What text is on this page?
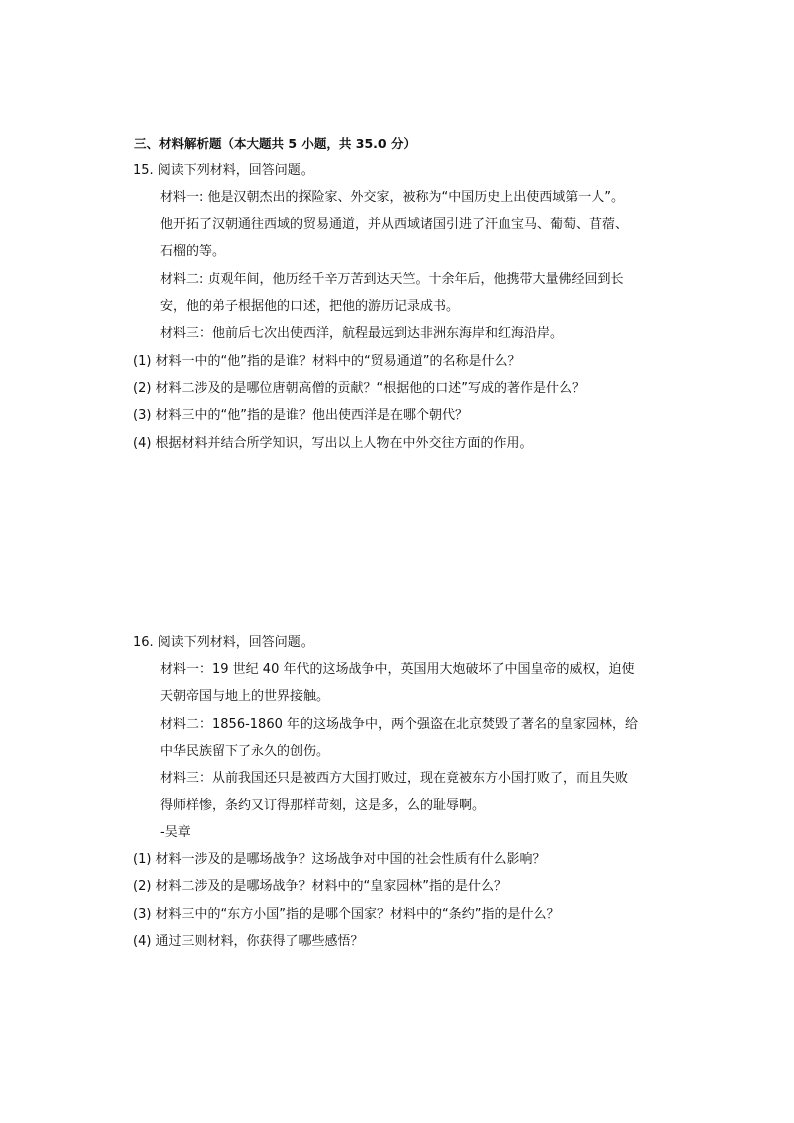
三、材料解析题（本大题共 5 小题，共 35.0 分）
15. 阅读下列材料，回答问题。
材料一: 他是汉朝杰出的探险家、外交家，被称为“中国历史上出使西域第一人”。
他开拓了汉朝通往西域的贸易通道，并从西域诸国引进了汗血宝马、葡萄、苜蓿、
石榴的等。
材料二: 贞观年间，他历经千辛万苦到达天竺。十余年后，他携带大量佛经回到长
安，他的弟子根据他的口述，把他的游历记录成书。
材料三：他前后七次出使西洋，航程最远到达非洲东海岸和红海沿岸。
(1) 材料一中的“他”指的是谁？材料中的“贸易通道”的名称是什么？
(2) 材料二涉及的是哪位唐朝高僧的贡献？“根据他的口述”写成的著作是什么？
(3) 材料三中的“他”指的是谁？他出使西洋是在哪个朝代？
(4) 根据材料并结合所学知识，写出以上人物在中外交往方面的作用。
16. 阅读下列材料，回答问题。
材料一：19 世纪 40 年代的这场战争中，英国用大炮破坏了中国皇帝的威权，迫使
天朝帝国与地上的世界接触。
材料二：1856-1860 年的这场战争中，两个强盗在北京焚毁了著名的皇家园林，给
中华民族留下了永久的创伤。
材料三：从前我国还只是被西方大国打败过，现在竟被东方小国打败了，而且失败
得师样惨，条约又订得那样苛刻，这是多，么的耻辱啊。
-吴章
(1) 材料一涉及的是哪场战争？这场战争对中国的社会性质有什么影响？
(2) 材料二涉及的是哪场战争？材料中的“皇家园林”指的是什么？
(3) 材料三中的“东方小国”指的是哪个国家？材料中的“条约”指的是什么？
(4) 通过三则材料，你获得了哪些感悟？
